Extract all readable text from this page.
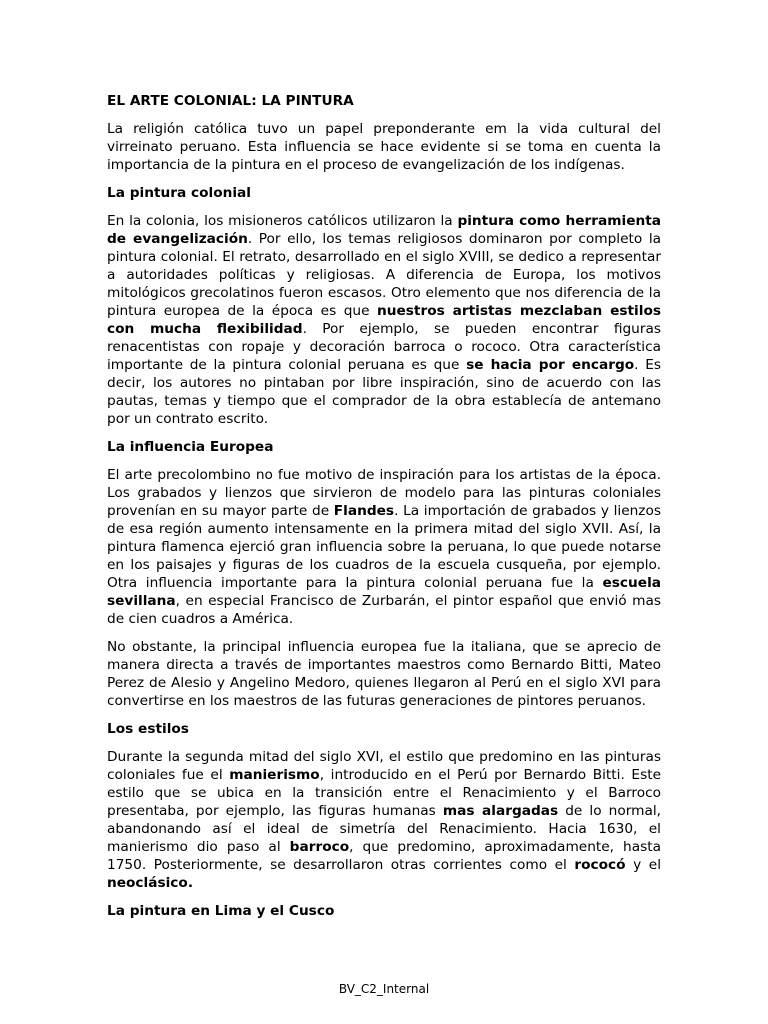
EL ARTE COLONIAL: LA PINTURA

La religión católica tuvo un papel preponderante em la vida cultural del virreinato peruano. Esta influencia se hace evidente si se toma en cuenta la importancia de la pintura en el proceso de evangelización de los indígenas.

La pintura colonial

En la colonia, los misioneros católicos utilizaron la pintura como herramienta de evangelización. Por ello, los temas religiosos dominaron por completo la pintura colonial. El retrato, desarrollado en el siglo XVIII, se dedico a representar a autoridades políticas y religiosas. A diferencia de Europa, los motivos mitológicos grecolatinos fueron escasos. Otro elemento que nos diferencia de la pintura europea de la época es que nuestros artistas mezclaban estilos con mucha flexibilidad. Por ejemplo, se pueden encontrar figuras renacentistas con ropaje y decoración barroca o rococo. Otra característica importante de la pintura colonial peruana es que se hacia por encargo. Es decir, los autores no pintaban por libre inspiración, sino de acuerdo con las pautas, temas y tiempo que el comprador de la obra establecía de antemano por un contrato escrito.

La influencia Europea

El arte precolombino no fue motivo de inspiración para los artistas de la época. Los grabados y lienzos que sirvieron de modelo para las pinturas coloniales provenían en su mayor parte de Flandes. La importación de grabados y lienzos de esa región aumento intensamente en la primera mitad del siglo XVII. Así, la pintura flamenca ejerció gran influencia sobre la peruana, lo que puede notarse en los paisajes y figuras de los cuadros de la escuela cusqueña, por ejemplo. Otra influencia importante para la pintura colonial peruana fue la escuela sevillana, en especial Francisco de Zurbarán, el pintor español que envió mas de cien cuadros a América.

No obstante, la principal influencia europea fue la italiana, que se aprecio de manera directa a través de importantes maestros como Bernardo Bitti, Mateo Perez de Alesio y Angelino Medoro, quienes llegaron al Perú en el siglo XVI para convertirse en los maestros de las futuras generaciones de pintores peruanos.

Los estilos

Durante la segunda mitad del siglo XVI, el estilo que predomino en las pinturas coloniales fue el manierismo, introducido en el Perú por Bernardo Bitti. Este estilo que se ubica en la transición entre el Renacimiento y el Barroco presentaba, por ejemplo, las figuras humanas mas alargadas de lo normal, abandonando así el ideal de simetría del Renacimiento. Hacia 1630, el manierismo dio paso al barroco, que predomino, aproximadamente, hasta 1750. Posteriormente, se desarrollaron otras corrientes como el rococó y el neoclásico.

La pintura en Lima y el Cusco
BV_C2_Internal
